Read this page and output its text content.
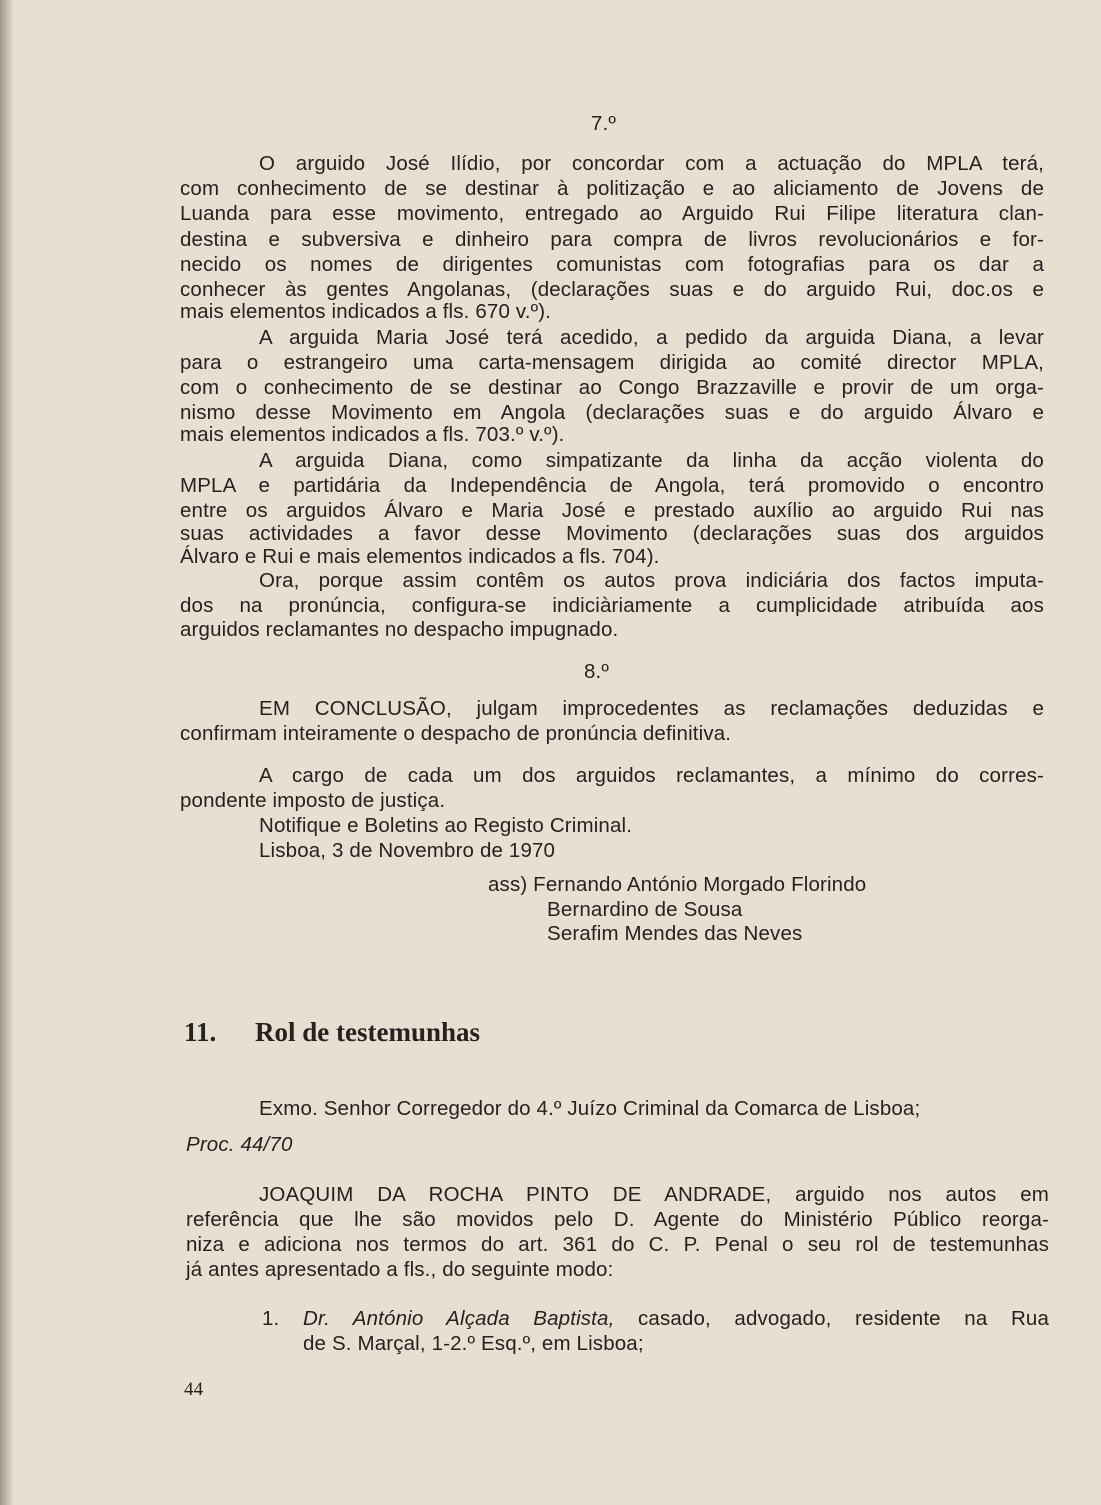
7.º
O arguido José Ilídio, por concordar com a actuação do MPLA terá,
com conhecimento de se destinar à politização e ao aliciamento de Jovens de
Luanda para esse movimento, entregado ao Arguido Rui Filipe literatura clan-
destina e subversiva e dinheiro para compra de livros revolucionários e for-
necido os nomes de dirigentes comunistas com fotografias para os dar a
conhecer às gentes Angolanas, (declarações suas e do arguido Rui, doc.os e
mais elementos indicados a fls. 670 v.º).
A arguida Maria José terá acedido, a pedido da arguida Diana, a levar
para o estrangeiro uma carta-mensagem dirigida ao comité director MPLA,
com o conhecimento de se destinar ao Congo Brazzaville e provir de um orga-
nismo desse Movimento em Angola (declarações suas e do arguido Álvaro e
mais elementos indicados a fls. 703.º v.º).
A arguida Diana, como simpatizante da linha da acção violenta do
MPLA e partidária da Independência de Angola, terá promovido o encontro
entre os arguidos Álvaro e Maria José e prestado auxílio ao arguido Rui nas
suas actividades a favor desse Movimento (declarações suas dos arguidos
Álvaro e Rui e mais elementos indicados a fls. 704).
Ora, porque assim contêm os autos prova indiciária dos factos imputa-
dos na pronúncia, configura-se indiciàriamente a cumplicidade atribuída aos
arguidos reclamantes no despacho impugnado.
8.º
EM CONCLUSÃO, julgam improcedentes as reclamações deduzidas e
confirmam inteiramente o despacho de pronúncia definitiva.
A cargo de cada um dos arguidos reclamantes, a mínimo do corres-
pondente imposto de justiça.
Notifique e Boletins ao Registo Criminal.
Lisboa, 3 de Novembro de 1970
ass) Fernando António Morgado Florindo
Bernardino de Sousa
Serafim Mendes das Neves
11. Rol de testemunhas
Exmo. Senhor Corregedor do 4.º Juízo Criminal da Comarca de Lisboa;
Proc. 44/70
JOAQUIM DA ROCHA PINTO DE ANDRADE, arguido nos autos em
referência que lhe são movidos pelo D. Agente do Ministério Público reorga-
niza e adiciona nos termos do art. 361 do C. P. Penal o seu rol de testemunhas
já antes apresentado a fls., do seguinte modo:
1. Dr. António Alçada Baptista, casado, advogado, residente na Rua
de S. Marçal, 1-2.º Esq.º, em Lisboa;
44
